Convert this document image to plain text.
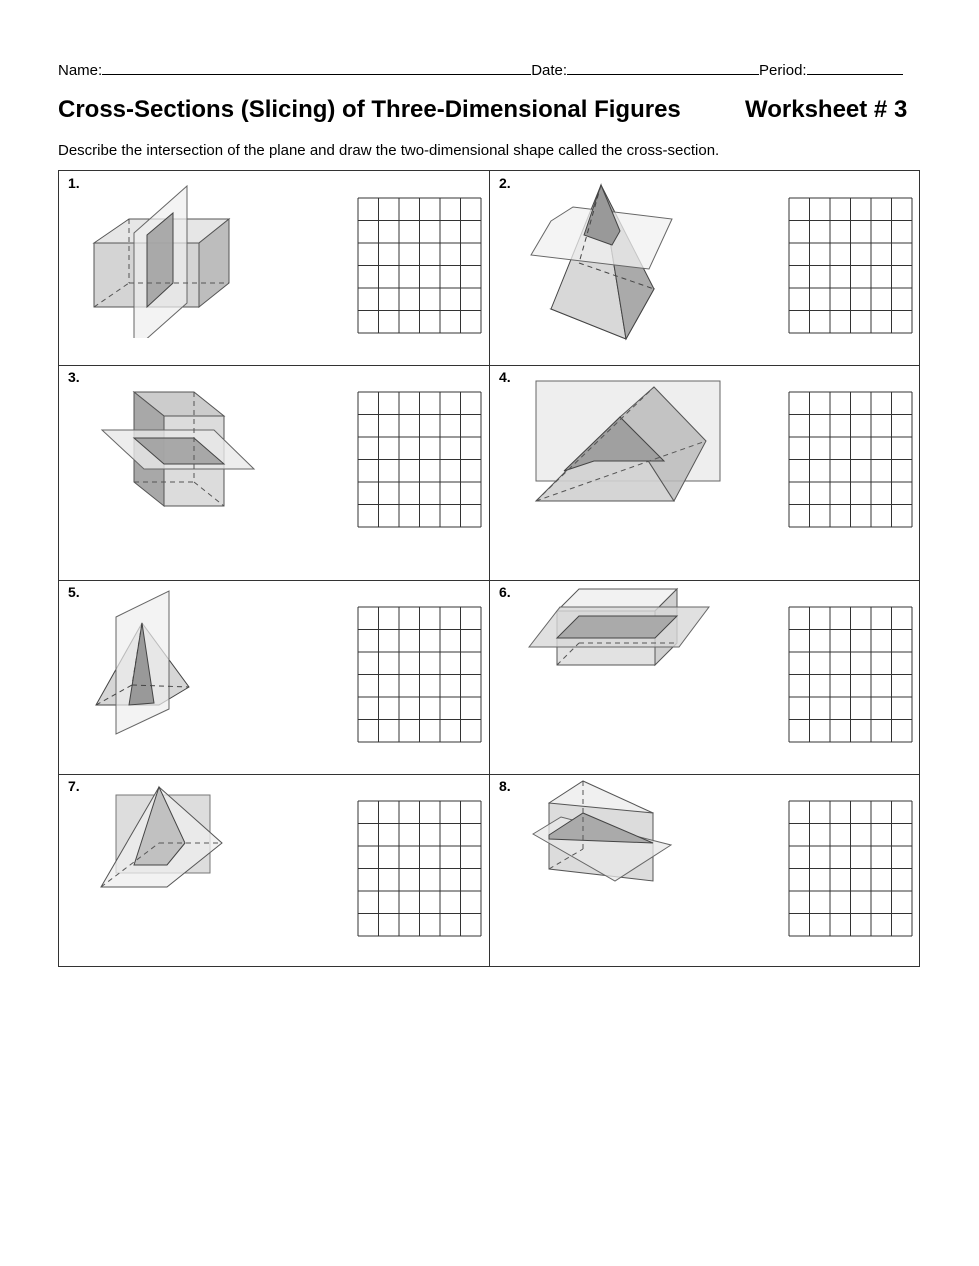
Name:	Date:	Period:
Cross-Sections (Slicing) of Three-Dimensional Figures	Worksheet # 3
Describe the intersection of the plane and draw the two-dimensional shape called the cross-section.
1.	2.
3.	4.
5.	6.
7.	8.
